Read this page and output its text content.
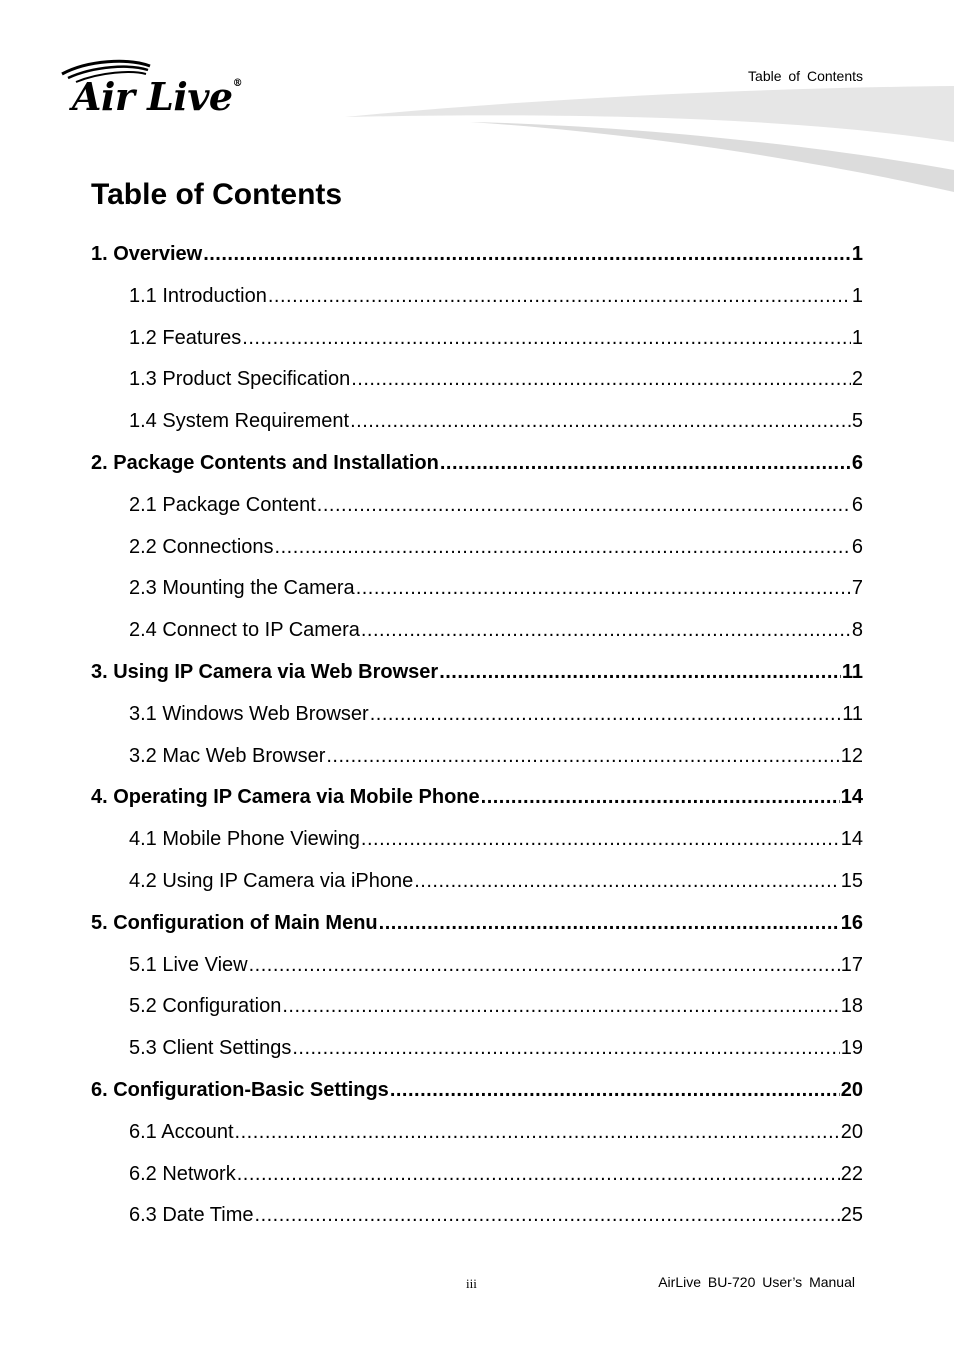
Air Live®	Table of Contents
Table of Contents
1. Overview .....	1
1.1 Introduction .....	1
1.2 Features .....	1
1.3 Product Specification .....	2
1.4 System Requirement .....	5
2. Package Contents and Installation .....	6
2.1 Package Content .....	6
2.2 Connections .....	6
2.3 Mounting the Camera .....	7
2.4 Connect to IP Camera .....	8
3. Using IP Camera via Web Browser .....	11
3.1 Windows Web Browser .....	11
3.2 Mac Web Browser .....	12
4. Operating IP Camera via Mobile Phone .....	14
4.1 Mobile Phone Viewing .....	14
4.2 Using IP Camera via iPhone .....	15
5. Configuration of Main Menu .....	16
5.1 Live View .....	17
5.2 Configuration .....	18
5.3 Client Settings .....	19
6. Configuration-Basic Settings .....	20
6.1 Account .....	20
6.2 Network .....	22
6.3 Date Time .....	25
iii	AirLive BU-720 User’s Manual
